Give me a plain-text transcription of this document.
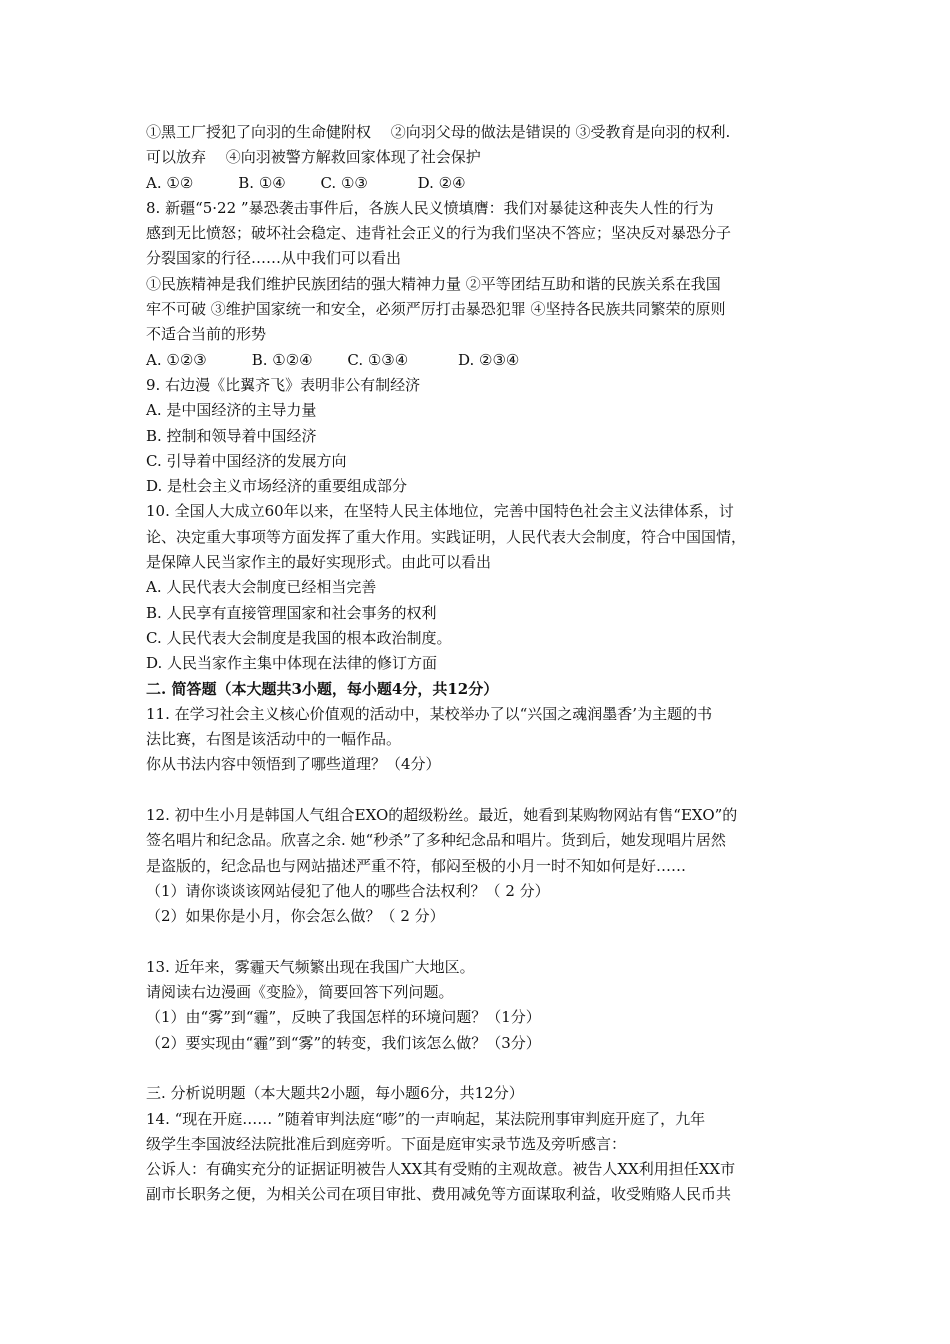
①黑工厂授犯了向羽的生命健附权　 ②向羽父母的做法是错误的 ③受教育是向羽的权利.
可以放弃　 ④向羽被警方解救回家体现了社会保护
A. ①②　　　B. ①④　　 C. ①③　　　 D. ②④
8. 新疆“5·22 ”暴恐袭击事件后，各族人民义愤填膺：我们对暴徒这种丧失人性的行为
感到无比愤怒；破坏社会稳定、违背社会正义的行为我们坚决不答应；坚决反对暴恐分子
分裂国家的行径……从中我们可以看出
①民族精神是我们维护民族团结的强大精神力量 ②平等团结互助和谐的民族关系在我国
牢不可破 ③维护国家统一和安全，必须严厉打击暴恐犯罪 ④坚持各民族共同繁荣的原则
不适合当前的形势
A. ①②③　　　B. ①②④　　 C. ①③④　　　 D. ②③④
9. 右边漫《比翼齐飞》表明非公有制经济
A. 是中国经济的主导力量
B. 控制和领导着中国经济
C. 引导着中国经济的发展方向
D. 是杜会主义市场经济的重要组成部分
10. 全国人大成立60年以来，在坚特人民主体地位，完善中国特色社会主义法律体系，讨
论、决定重大事项等方面发挥了重大作用。实践证明，人民代表大会制度，符合中国国情，
是保障人民当家作主的最好实现形式。由此可以看出
A. 人民代表大会制度已经相当完善
B. 人民享有直接管理国家和社会事务的权利
C. 人民代表大会制度是我国的根本政治制度。
D. 人民当家作主集中体现在法律的修订方面
二. 简答题（本大题共3小题，每小题4分，共12分）
11. 在学习社会主义核心价值观的活动中，某校举办了以“兴国之魂润墨香’为主题的书
法比赛，右图是该活动中的一幅作品。
你从书法内容中领悟到了哪些道理？（4分）
12. 初中生小月是韩国人气组合EXO的超级粉丝。最近，她看到某购物网站有售“EXO”的
签名唱片和纪念品。欣喜之余. 她“秒杀”了多种纪念品和唱片。货到后，她发现唱片居然
是盗版的，纪念品也与网站描述严重不符，郁闷至极的小月一时不知如何是好……
（1）请你谈谈该网站侵犯了他人的哪些合法权利？（ 2 分）
（2）如果你是小月，你会怎么做？（ 2 分）
13. 近年来，雾霾天气频繁出现在我国广大地区。
请阅读右边漫画《变脸》，简要回答下列问题。
（1）由“雾”到“霾”，反映了我国怎样的环境问题？（1分）
（2）要实现由“霾”到“雾”的转变，我们该怎么做？（3分）
三. 分析说明题（本大题共2小题，每小题6分，共12分）
14. “现在开庭…… ”随着审判法庭“嘭”的一声响起，某法院刑事审判庭开庭了，九年
级学生李国波经法院批准后到庭旁听。下面是庭审实录节选及旁听感言：
公诉人：有确实充分的证据证明被告人XX其有受贿的主观故意。被告人XX利用担任XX市
副市长职务之便，为相关公司在项目审批、费用减免等方面谋取利益，收受贿赂人民币共
